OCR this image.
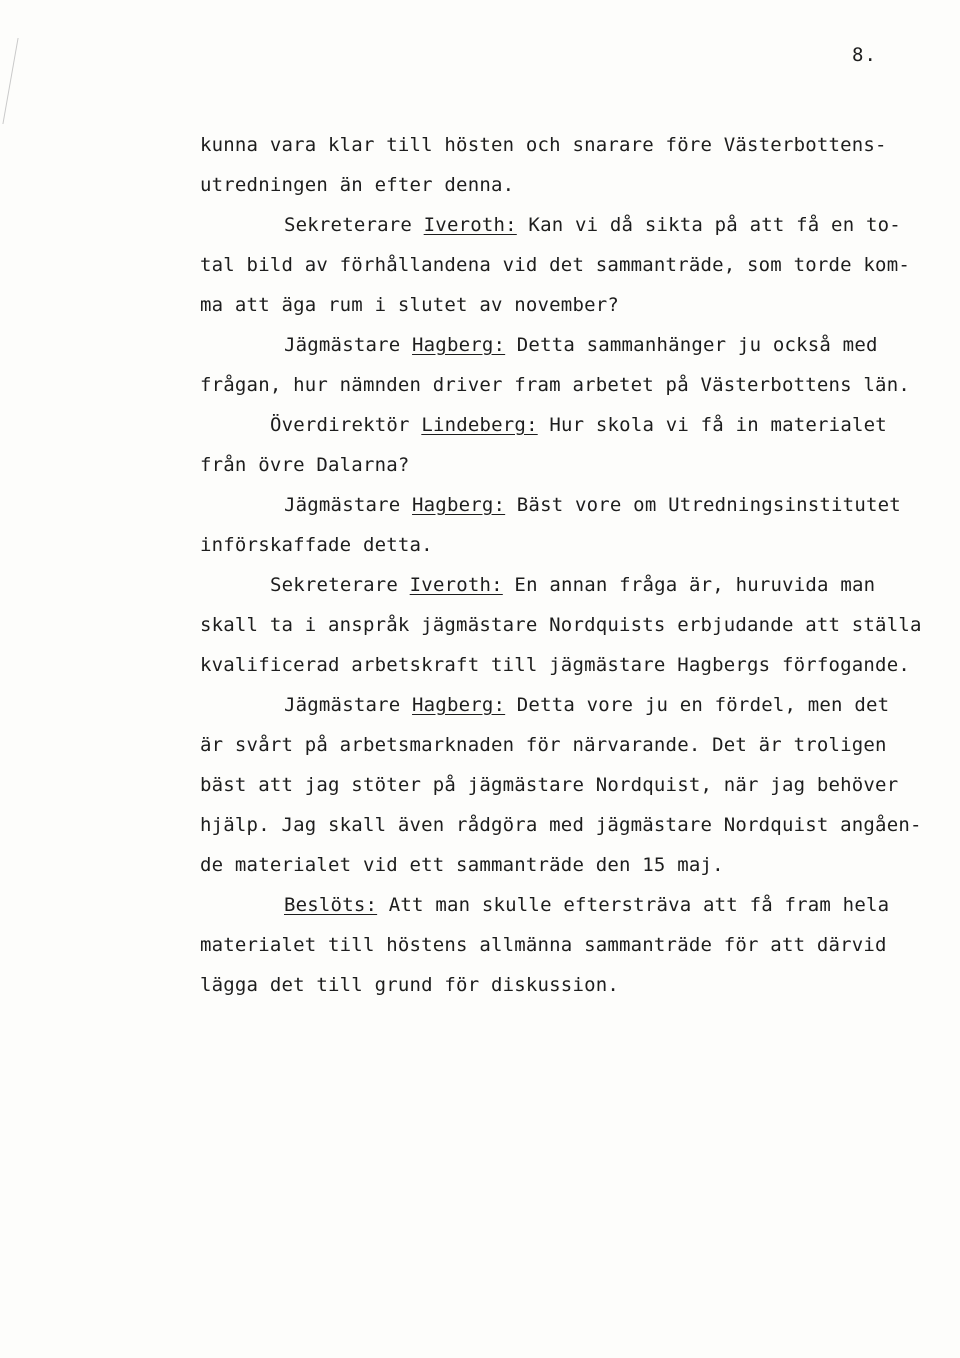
8.
kunna vara klar till hösten och snarare före Västerbottens-
utredningen än efter denna.
Sekreterare Iveroth: Kan vi då sikta på att få en to-
tal bild av förhållandena vid det sammanträde, som torde kom-
ma att äga rum i slutet av november?
Jägmästare Hagberg: Detta sammanhänger ju också med
frågan, hur nämnden driver fram arbetet på Västerbottens län.
Överdirektör Lindeberg: Hur skola vi få in materialet
från övre Dalarna?
Jägmästare Hagberg: Bäst vore om Utredningsinstitutet
införskaffade detta.
Sekreterare Iveroth: En annan fråga är, huruvida man
skall ta i anspråk jägmästare Nordquists erbjudande att ställa
kvalificerad arbetskraft till jägmästare Hagbergs förfogande.
Jägmästare Hagberg: Detta vore ju en fördel, men det
är svårt på arbetsmarknaden för närvarande. Det är troligen
bäst att jag stöter på jägmästare Nordquist, när jag behöver
hjälp. Jag skall även rådgöra med jägmästare Nordquist angåen-
de materialet vid ett sammanträde den 15 maj.
Beslöts: Att man skulle eftersträva att få fram hela
materialet till höstens allmänna sammanträde för att därvid
lägga det till grund för diskussion.
